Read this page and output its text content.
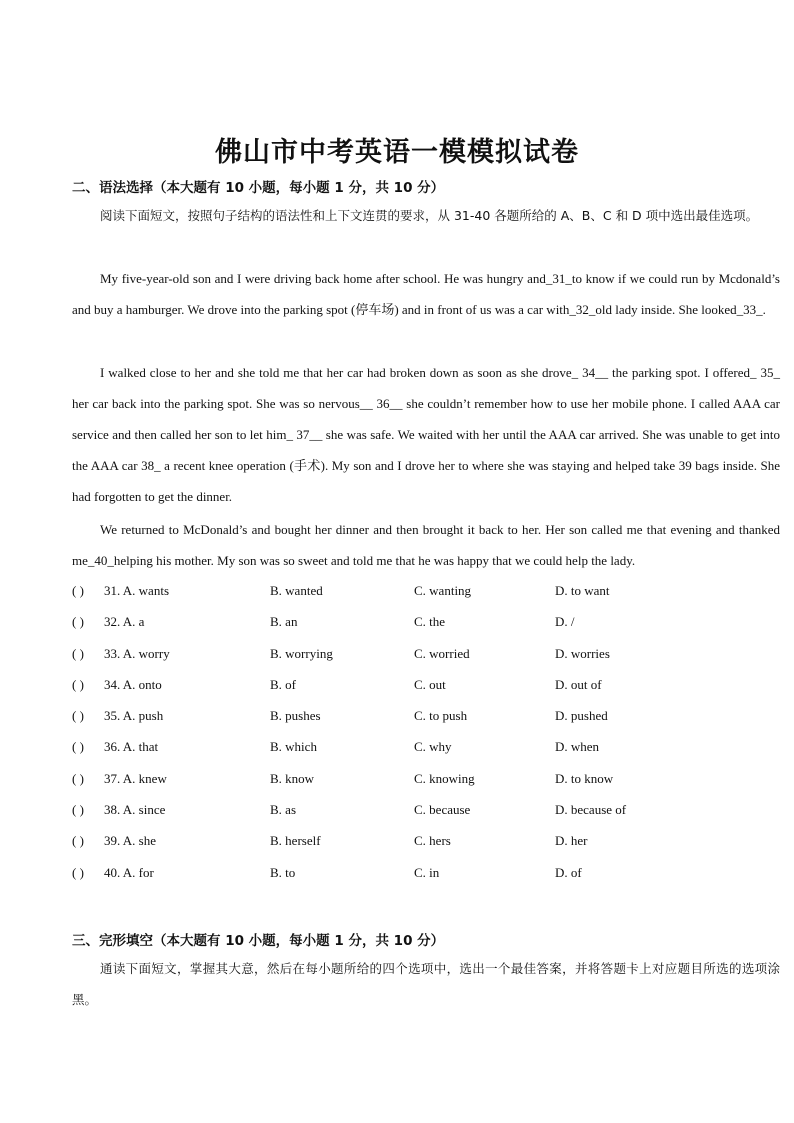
佛山市中考英语一模模拟试卷
二、语法选择（本大题有 10 小题，每小题 1 分，共 10 分）
阅读下面短文，按照句子结构的语法性和上下文连贯的要求，从 31-40 各题所给的 A、B、C 和 D 项中选出最佳选项。
My five-year-old son and I were driving back home after school. He was hungry and_31_to know if we could run by Mcdonald’s and buy a hamburger. We drove into the parking spot (停车场) and in front of us was a car with_32_old lady inside. She looked_33_.
I walked close to her and she told me that her car had broken down as soon as she drove_ 34__ the parking spot. I offered_ 35_ her car back into the parking spot. She was so nervous__ 36__ she couldn’t remember how to use her mobile phone. I called AAA car service and then called her son to let him_ 37__ she was safe. We waited with her until the AAA car arrived. She was unable to get into the AAA car 38_ a recent knee operation (手术). My son and I drove her to where she was staying and helped take 39 bags inside. She had forgotten to get the dinner.
We returned to McDonald’s and bought her dinner and then brought it back to her. Her son called me that evening and thanked me_40_helping his mother. My son was so sweet and told me that he was happy that we could help the lady.
( ) 31. A. wants	B. wanted	C. wanting	D. to want
( ) 32. A. a	B. an	C. the	D. /
( ) 33. A. worry	B. worrying	C. worried	D. worries
( ) 34. A. onto	B. of	C. out	D. out of
( ) 35. A. push	B. pushes	C. to push	D. pushed
( ) 36. A. that	B. which	C. why	D. when
( ) 37. A. knew	B. know	C. knowing	D. to know
( ) 38. A. since	B. as	C. because	D. because of
( ) 39. A. she	B. herself	C. hers	D. her
( ) 40. A. for	B. to	C. in	D. of
三、完形填空（本大题有 10 小题，每小题 1 分，共 10 分）
通读下面短文，掌握其大意，然后在每小题所给的四个选项中，选出一个最佳答案，并将答题卡上对应题目所选的选项涂黑。
